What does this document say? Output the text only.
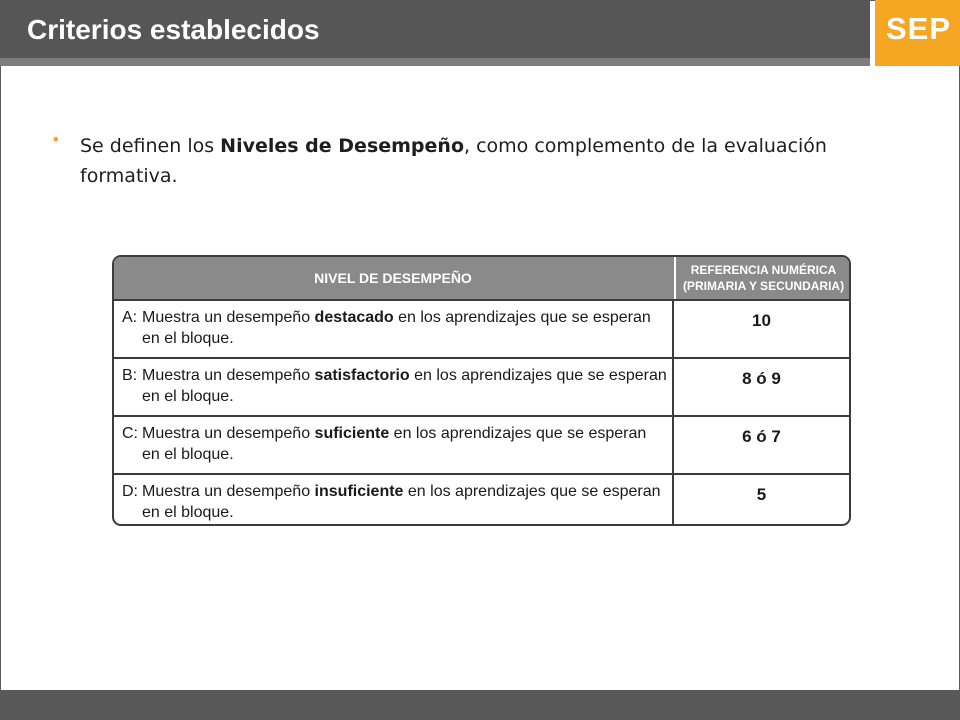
Criterios establecidos	SEP
• Se definen los Niveles de Desempeño, como complemento de la evaluación formativa.
NIVEL DE DESEMPEÑO	REFERENCIA NUMÉRICA
(PRIMARIA Y SECUNDARIA)
A: Muestra un desempeño destacado en los aprendizajes que se esperan en el bloque.
10
B: Muestra un desempeño satisfactorio en los aprendizajes que se esperan en el bloque.
8 ó 9
C: Muestra un desempeño suficiente en los aprendizajes que se esperan en el bloque.
6 ó 7
D: Muestra un desempeño insuficiente en los aprendizajes que se esperan en el bloque.
5
